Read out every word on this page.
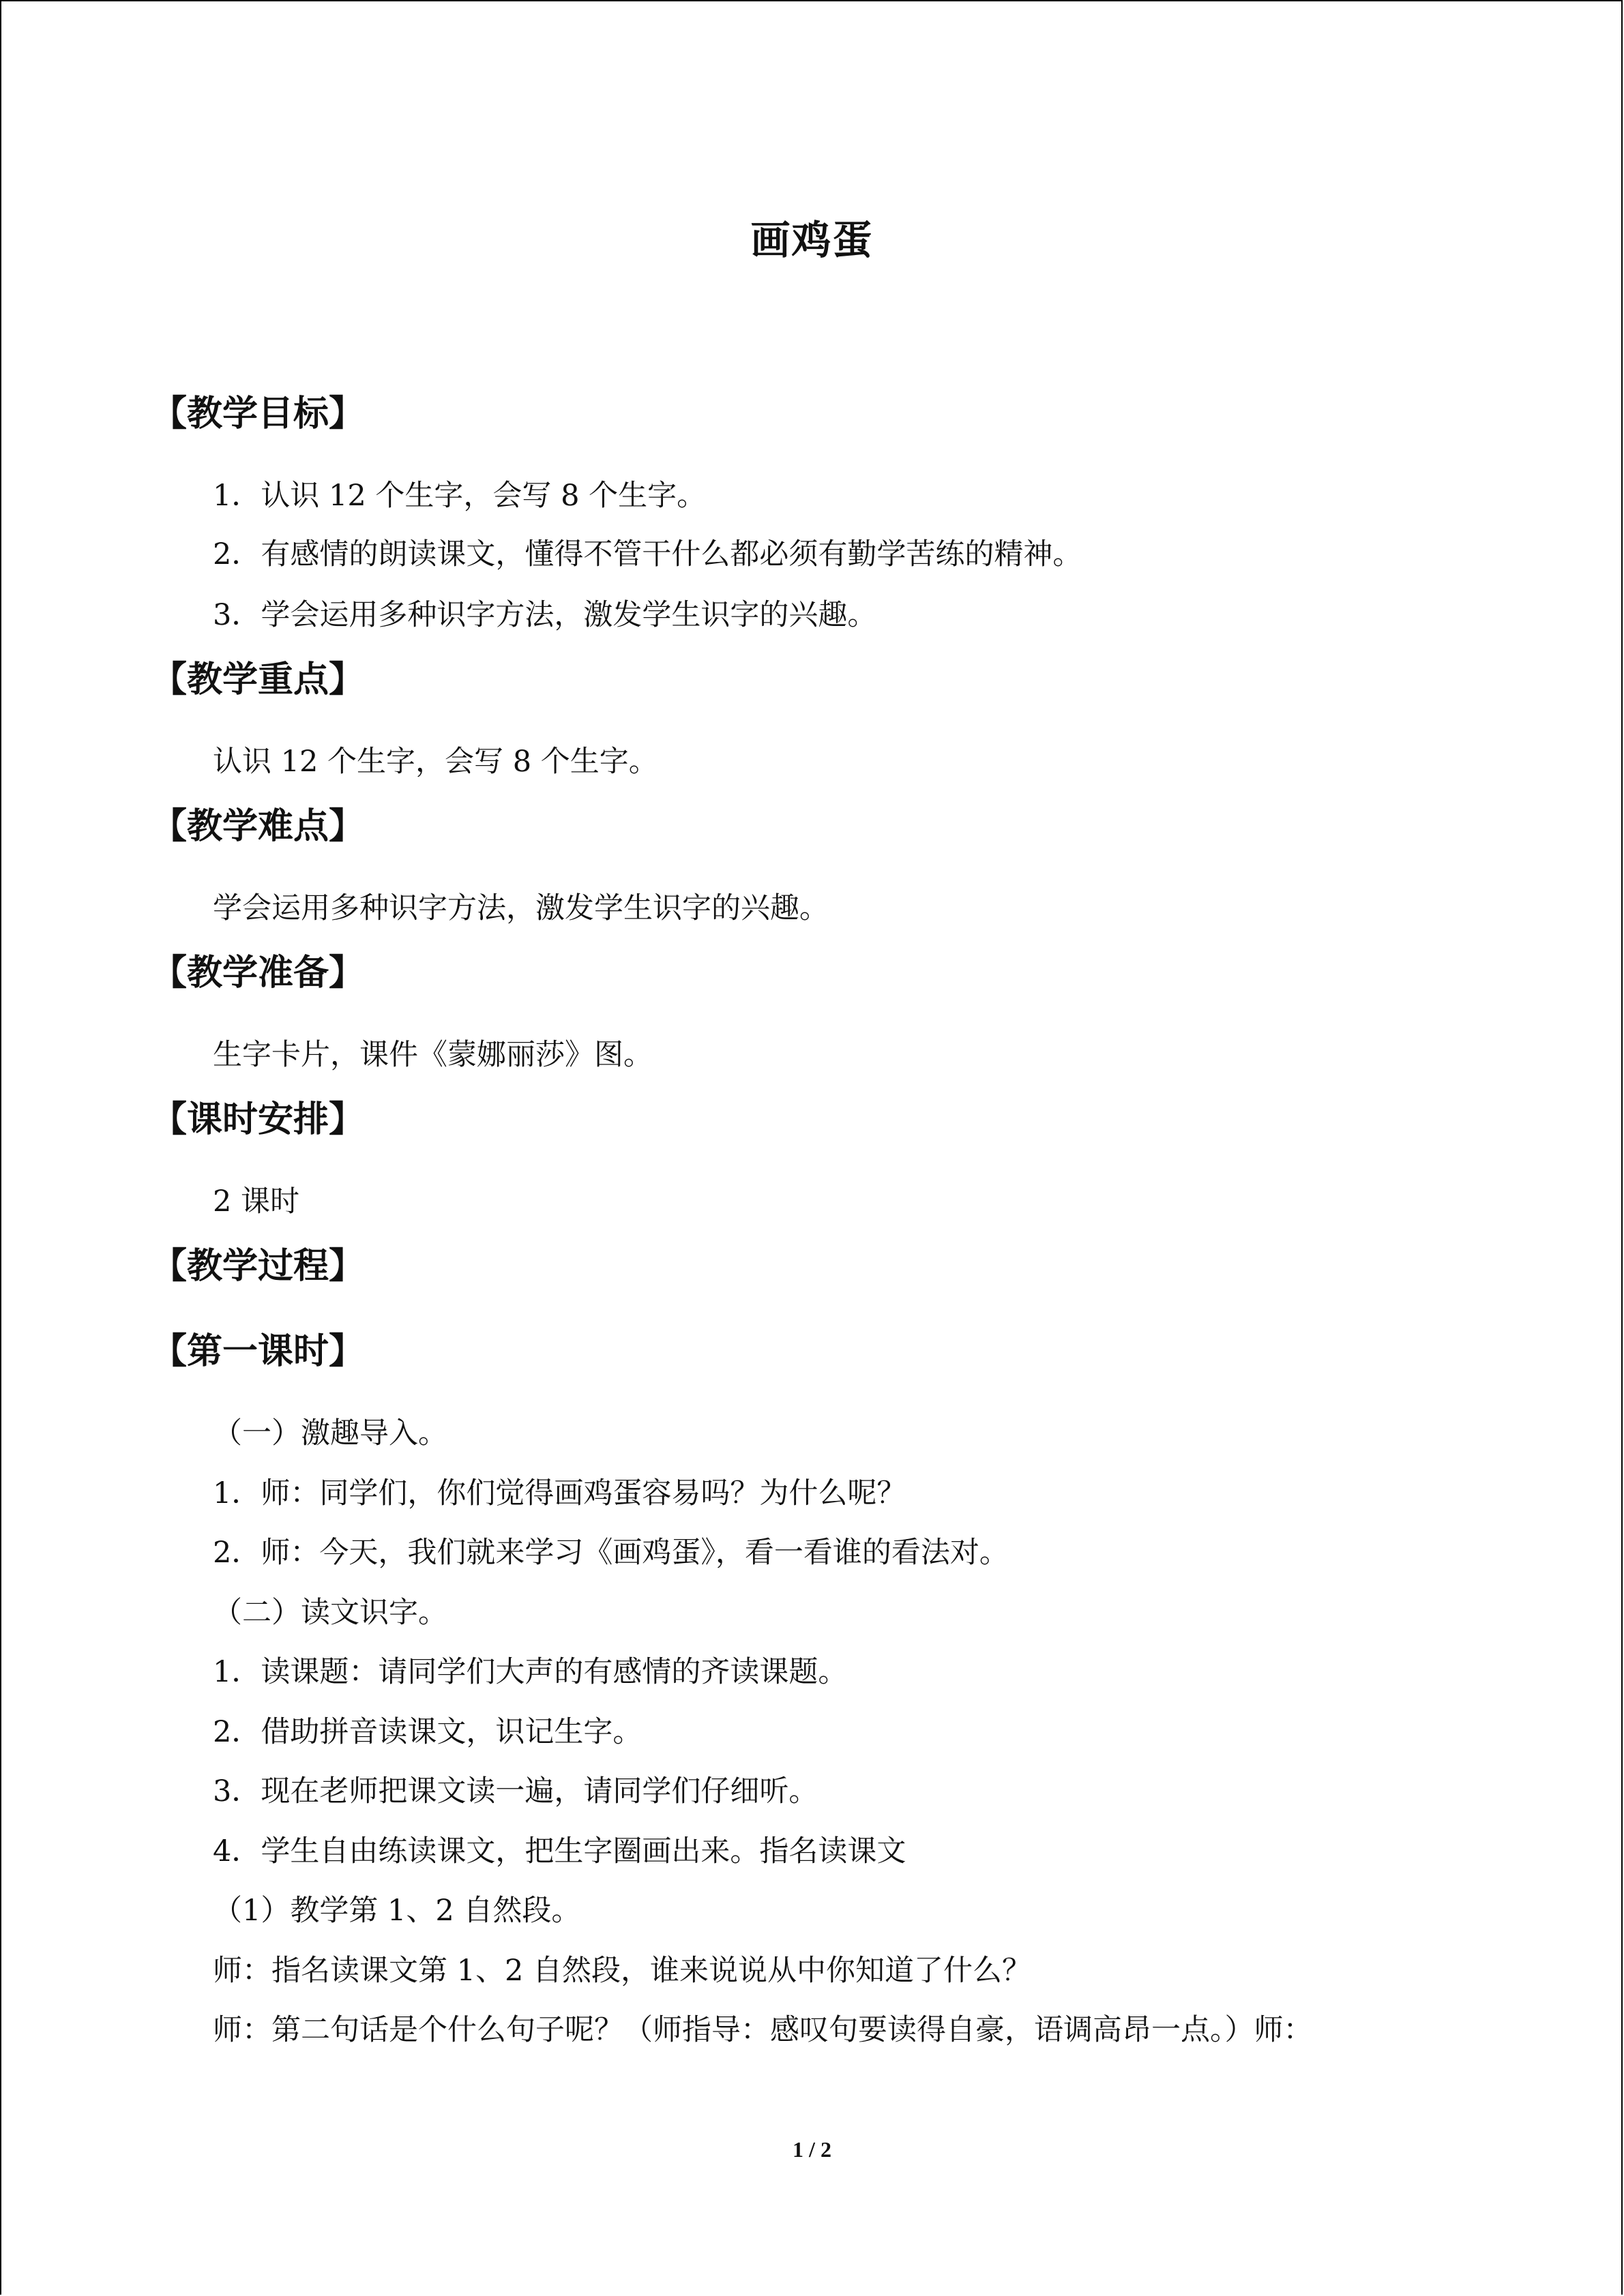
画鸡蛋
【教学目标】
1．认识 12 个生字，会写 8 个生字。
2．有感情的朗读课文，懂得不管干什么都必须有勤学苦练的精神。
3．学会运用多种识字方法，激发学生识字的兴趣。
【教学重点】
认识 12 个生字，会写 8 个生字。
【教学难点】
学会运用多种识字方法，激发学生识字的兴趣。
【教学准备】
生字卡片，课件《蒙娜丽莎》图。
【课时安排】
2 课时
【教学过程】
【第一课时】
（一）激趣导入。
1．师：同学们，你们觉得画鸡蛋容易吗？为什么呢？
2．师：今天，我们就来学习《画鸡蛋》，看一看谁的看法对。
（二）读文识字。
1．读课题：请同学们大声的有感情的齐读课题。
2．借助拼音读课文，识记生字。
3．现在老师把课文读一遍，请同学们仔细听。
4．学生自由练读课文，把生字圈画出来。指名读课文
（1）教学第 1、2 自然段。
师：指名读课文第 1、2 自然段，谁来说说从中你知道了什么？
师：第二句话是个什么句子呢？（师指导：感叹句要读得自豪，语调高昂一点。）师：
1 / 2
